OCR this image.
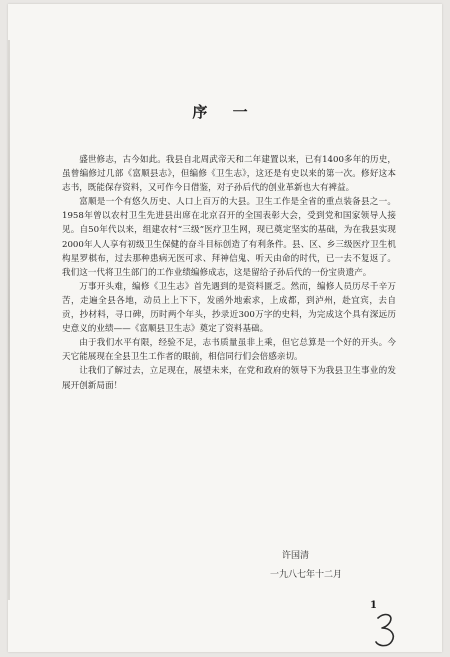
序 一

盛世修志，古今如此。我县自北周武帝天和二年建置以来，已有1400多年的历史，虽曾编修过几部《富顺县志》，但编修《卫生志》，这还是有史以来的第一次。修好这本志书，既能保存资料，又可作今日借鉴，对子孙后代的创业革新也大有裨益。

富顺是一个有悠久历史、人口上百万的大县。卫生工作是全省的重点装备县之一。1958年曾以农村卫生先进县出席在北京召开的全国表彰大会，受到党和国家领导人接见。自50年代以来，组建农村“三级”医疗卫生网，现已奠定坚实的基础，为在我县实现2000年人人享有初级卫生保健的奋斗目标创造了有利条件。县、区、乡三级医疗卫生机构星罗棋布，过去那种患病无医可求、拜神信鬼、听天由命的时代，已一去不复返了。我们这一代将卫生部门的工作业绩编修成志，这是留给子孙后代的一份宝贵遗产。

万事开头难，编修《卫生志》首先遇到的是资料匮乏。然而，编修人员历尽千辛万苦，走遍全县各地，动员上上下下，发函外地索求，上成都，到泸州，赴宜宾，去自贡，抄材料，寻口碑，历时两个年头，抄录近300万字的史料，为完成这个具有深远历史意义的业绩——《富顺县卫生志》奠定了资料基础。

由于我们水平有限，经验不足，志书质量虽非上乘，但它总算是一个好的开头。今天它能展现在全县卫生工作者的眼前，相信同行们会倍感亲切。

让我们了解过去，立足现在，展望未来，在党和政府的领导下为我县卫生事业的发展开创新局面！

许国清
一九八七年十二月
1
